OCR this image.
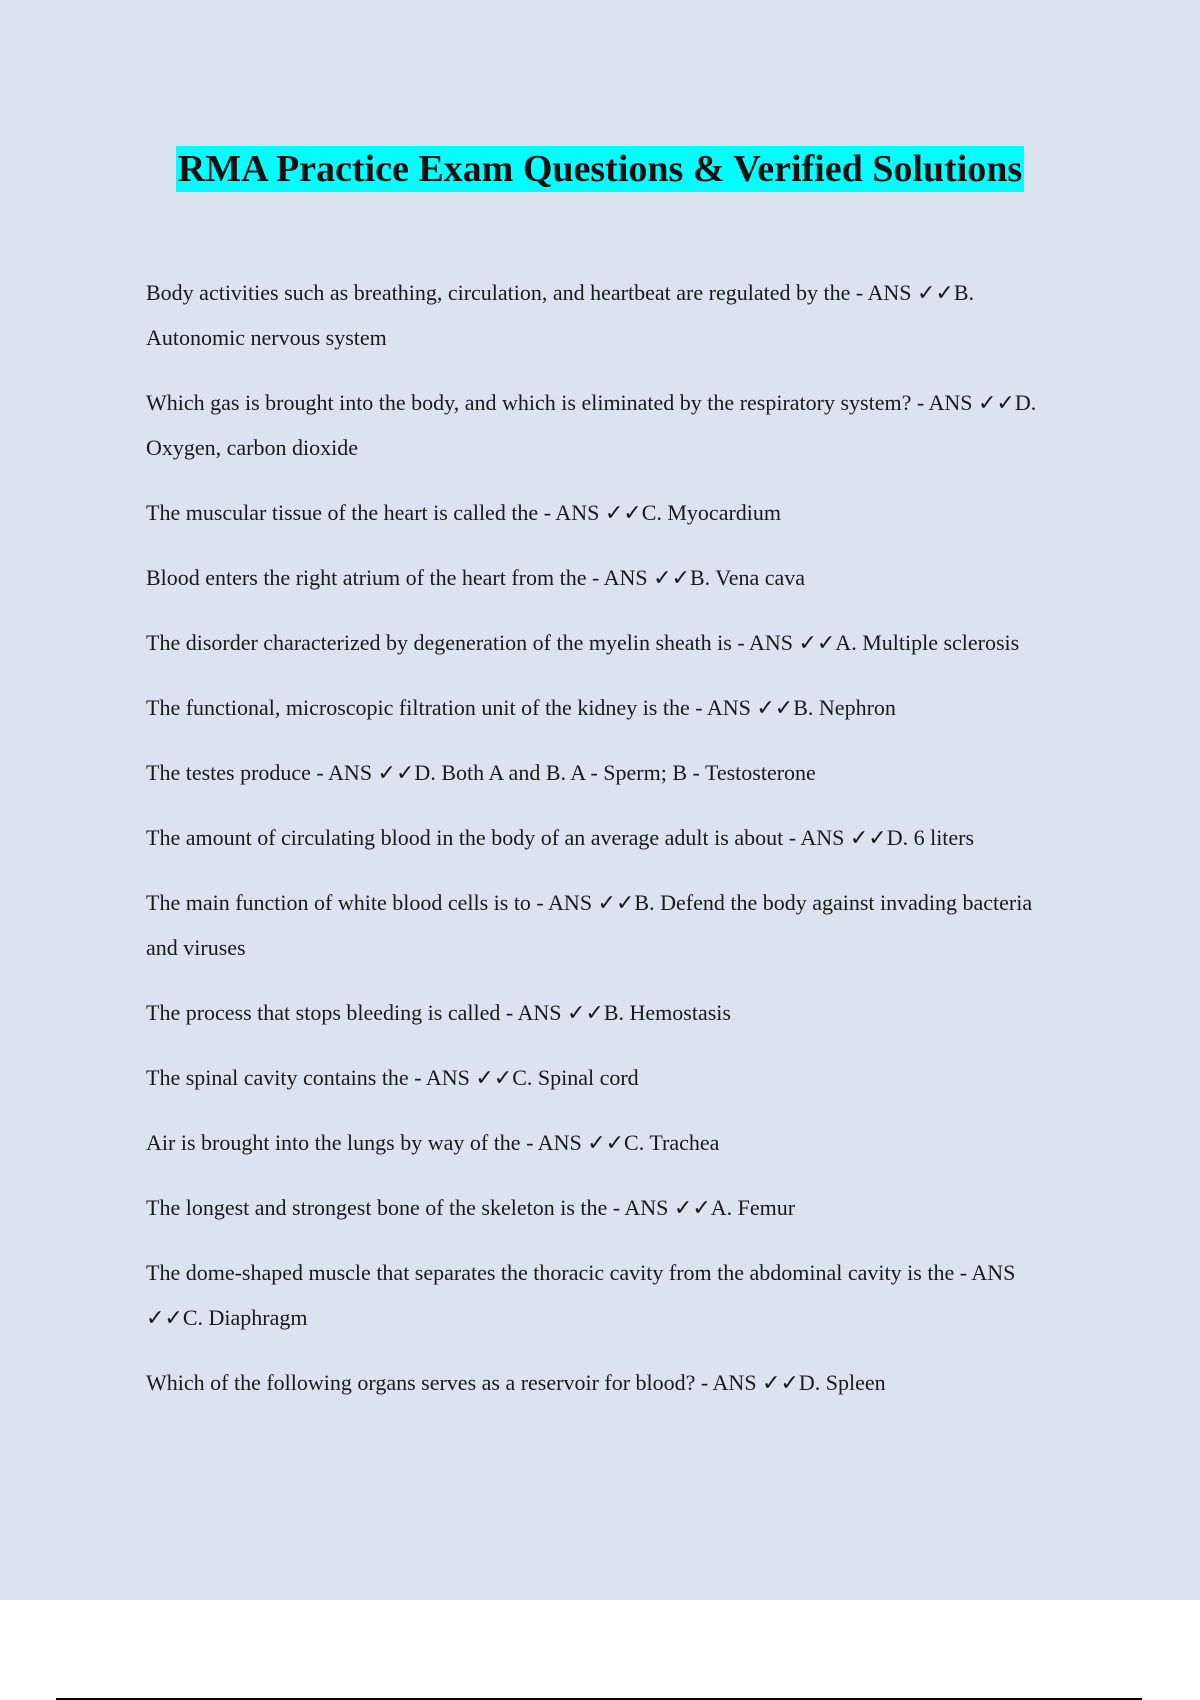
RMA Practice Exam Questions & Verified Solutions
Body activities such as breathing, circulation, and heartbeat are regulated by the - ANS ✓✓B. Autonomic nervous system
Which gas is brought into the body, and which is eliminated by the respiratory system? - ANS ✓✓D. Oxygen, carbon dioxide
The muscular tissue of the heart is called the - ANS ✓✓C. Myocardium
Blood enters the right atrium of the heart from the - ANS ✓✓B. Vena cava
The disorder characterized by degeneration of the myelin sheath is - ANS ✓✓A. Multiple sclerosis
The functional, microscopic filtration unit of the kidney is the - ANS ✓✓B. Nephron
The testes produce - ANS ✓✓D. Both A and B. A - Sperm; B - Testosterone
The amount of circulating blood in the body of an average adult is about - ANS ✓✓D. 6 liters
The main function of white blood cells is to - ANS ✓✓B. Defend the body against invading bacteria and viruses
The process that stops bleeding is called - ANS ✓✓B. Hemostasis
The spinal cavity contains the - ANS ✓✓C. Spinal cord
Air is brought into the lungs by way of the - ANS ✓✓C. Trachea
The longest and strongest bone of the skeleton is the - ANS ✓✓A. Femur
The dome-shaped muscle that separates the thoracic cavity from the abdominal cavity is the - ANS ✓✓C. Diaphragm
Which of the following organs serves as a reservoir for blood? - ANS ✓✓D. Spleen
